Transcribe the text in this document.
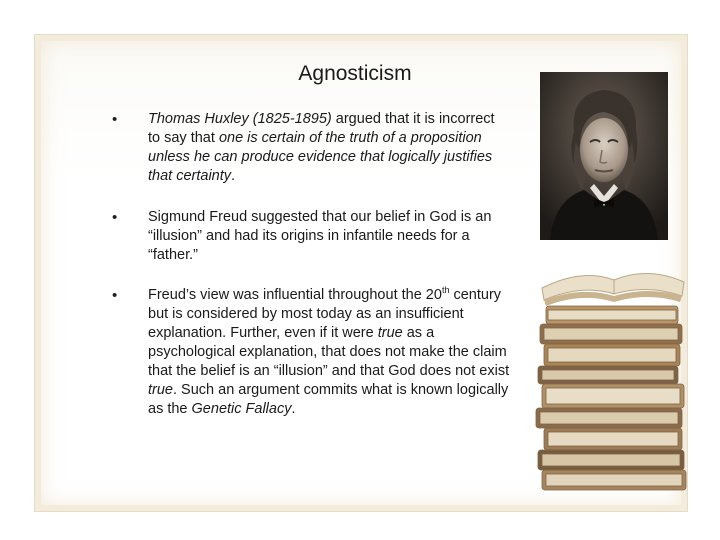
Agnosticism
•	Thomas Huxley (1825-1895) argued that it is incorrect to say that one is certain of the truth of a proposition unless he can produce evidence that logically justifies that certainty.
•	Sigmund Freud suggested that our belief in God is an “illusion” and had its origins in infantile needs for a “father.”
•	Freud’s view was influential throughout the 20th century but is considered by most today as an insufficient explanation. Further, even if it were true as a psychological explanation, that does not make the claim that the belief is an “illusion” and that God does not exist true. Such an argument commits what is known logically as the Genetic Fallacy.
